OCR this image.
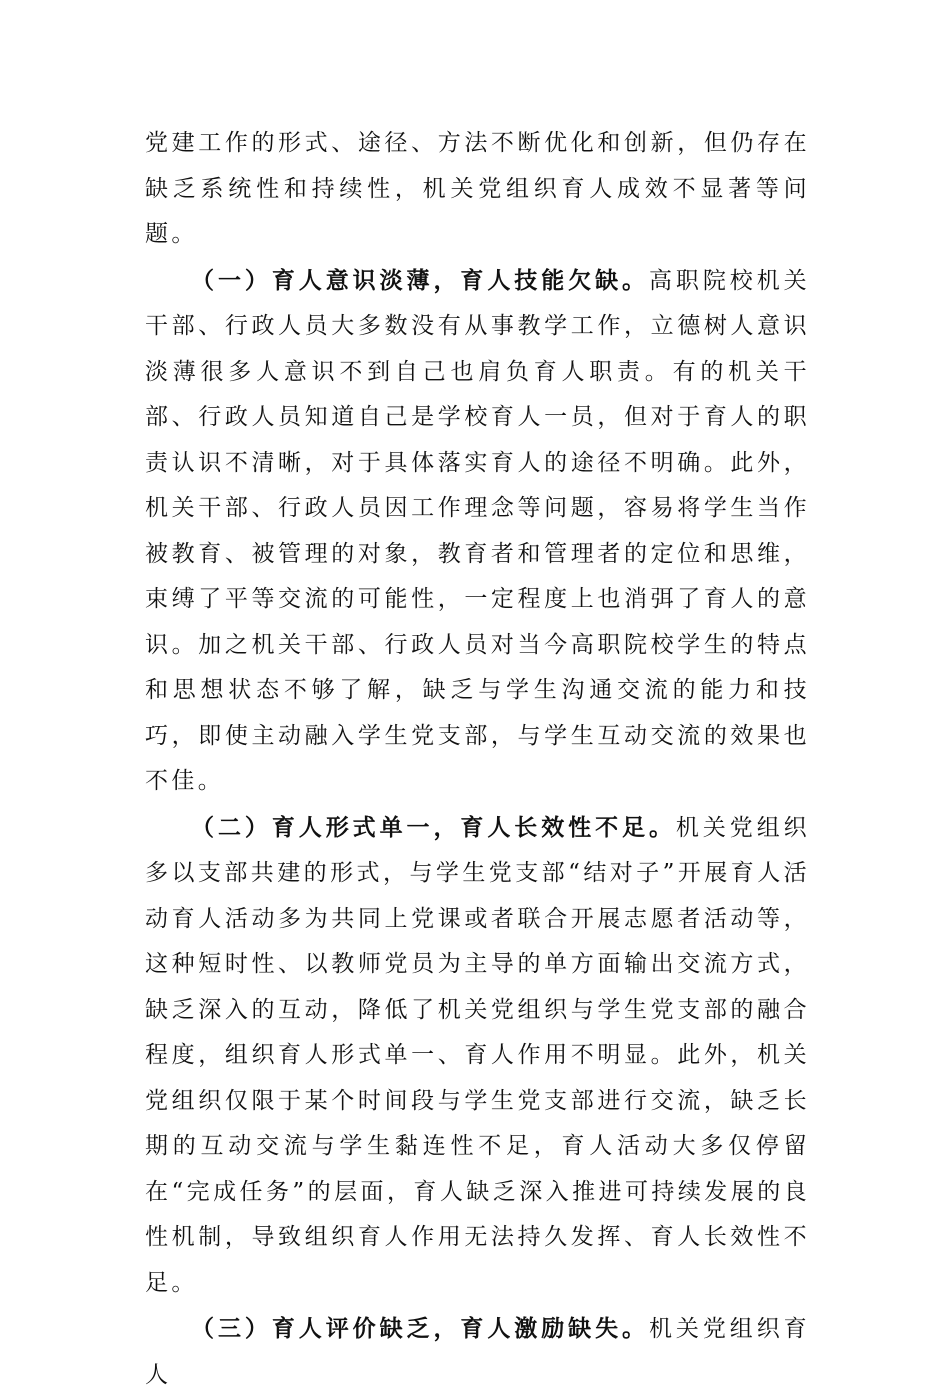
党建工作的形式、途径、方法不断优化和创新，但仍存在缺乏系统性和持续性，机关党组织育人成效不显著等问题。

（一）育人意识淡薄，育人技能欠缺。高职院校机关干部、行政人员大多数没有从事教学工作，立德树人意识淡薄很多人意识不到自己也肩负育人职责。有的机关干部、行政人员知道自己是学校育人一员，但对于育人的职责认识不清晰，对于具体落实育人的途径不明确。此外，机关干部、行政人员因工作理念等问题，容易将学生当作被教育、被管理的对象，教育者和管理者的定位和思维，束缚了平等交流的可能性，一定程度上也消弭了育人的意识。加之机关干部、行政人员对当今高职院校学生的特点和思想状态不够了解，缺乏与学生沟通交流的能力和技巧，即使主动融入学生党支部，与学生互动交流的效果也不佳。

（二）育人形式单一，育人长效性不足。机关党组织多以支部共建的形式，与学生党支部“结对子”开展育人活动育人活动多为共同上党课或者联合开展志愿者活动等，这种短时性、以教师党员为主导的单方面输出交流方式，缺乏深入的互动，降低了机关党组织与学生党支部的融合程度，组织育人形式单一、育人作用不明显。此外，机关党组织仅限于某个时间段与学生党支部进行交流，缺乏长期的互动交流与学生黏连性不足，育人活动大多仅停留在“完成任务”的层面，育人缺乏深入推进可持续发展的良性机制，导致组织育人作用无法持久发挥、育人长效性不足。

（三）育人评价缺乏，育人激励缺失。机关党组织育人
